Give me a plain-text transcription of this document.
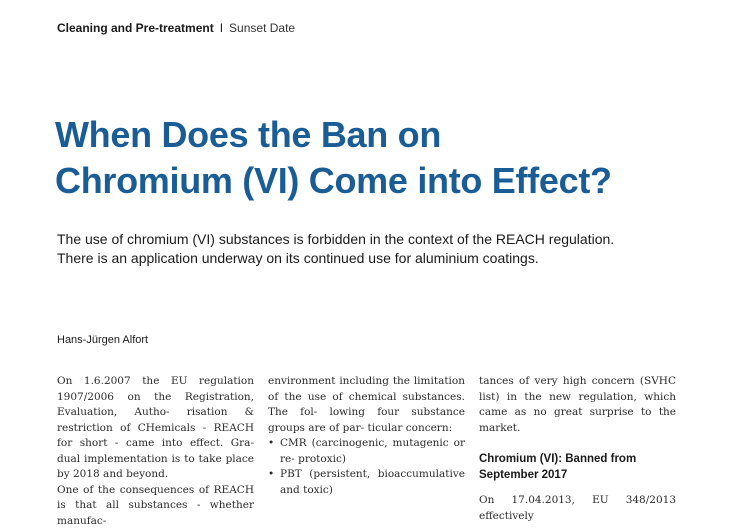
Cleaning and Pre-treatment I Sunset Date
When Does the Ban on
Chromium (VI) Come into Effect?
The use of chromium (VI) substances is forbidden in the context of the REACH regulation.
There is an application underway on its continued use for aluminium coatings.
Hans-Jürgen Alfort

On 1.6.2007 the EU regulation 1907/2006 on the Registration, Evaluation, Autho- risation & restriction of CHemicals - REACH for short - came into effect. Gra- dual implementation is to take place by 2018 and beyond.
One of the consequences of REACH is that all substances - whether manufac-

environment including the limitation of the use of chemical substances. The fol- lowing four substance groups are of par- ticular concern:

• CMR (carcinogenic, mutagenic or re- protoxic)

• PBT (persistent, bioaccumulative and toxic)

tances of very high concern (SVHC list) in the new regulation, which came as no great surprise to the market.

Chromium (VI): Banned from
September 2017

On 17.04.2013, EU 348/2013 effectively
